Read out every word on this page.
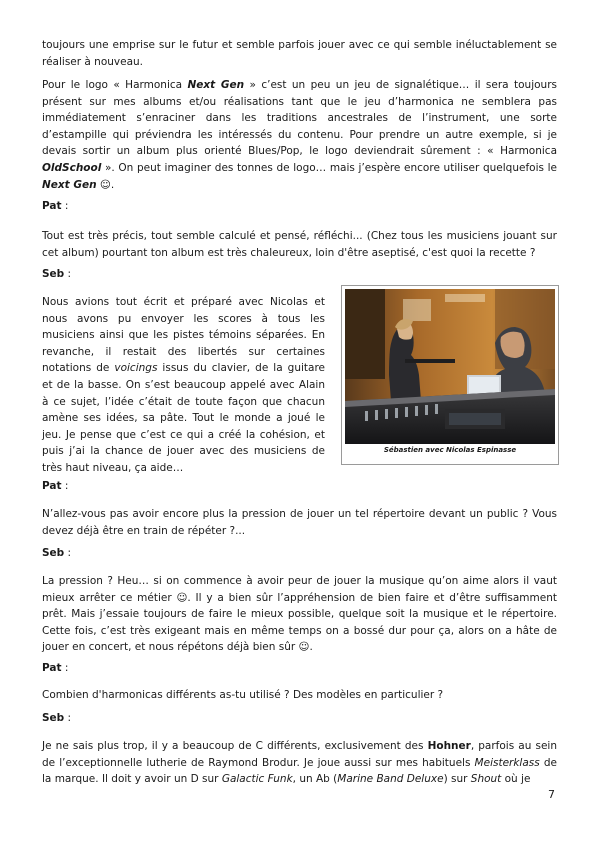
toujours une emprise sur le futur et semble parfois jouer avec ce qui semble inéluctablement se réaliser à nouveau.

Pour le logo « Harmonica Next Gen » c’est un peu un jeu de signalétique… il sera toujours présent sur mes albums et/ou réalisations tant que le jeu d’harmonica ne semblera pas immédiatement s’enraciner dans les traditions ancestrales de l’instrument, une sorte d’estampille qui préviendra les intéressés du contenu. Pour prendre un autre exemple, si je devais sortir un album plus orienté Blues/Pop, le logo deviendrait sûrement : « Harmonica OldSchool ». On peut imaginer des tonnes de logo… mais j’espère encore utiliser quelquefois le Next Gen ☺.

Pat :

Tout est très précis, tout semble calculé et pensé, réfléchi... (Chez tous les musiciens jouant sur cet album) pourtant ton album est très chaleureux, loin d'être aseptisé, c'est quoi la recette ?

Seb :

Nous avions tout écrit et préparé avec Nicolas et nous avons pu envoyer les scores à tous les musiciens ainsi que les pistes témoins séparées. En revanche, il restait des libertés sur certaines notations de voicings issus du clavier, de la guitare et de la basse. On s’est beaucoup appelé avec Alain à ce sujet, l’idée c’était de toute façon que chacun amène ses idées, sa pâte. Tout le monde a joué le jeu. Je pense que c’est ce qui a créé la cohésion, et puis j’ai la chance de jouer avec des musiciens de très haut niveau, ça aide…

Sébastien avec Nicolas Espinasse

Pat :

N’allez-vous pas avoir encore plus la pression de jouer un tel répertoire devant un public ? Vous devez déjà être en train de répéter ?...

Seb :

La pression ? Heu… si on commence à avoir peur de jouer la musique qu’on aime alors il vaut mieux arrêter ce métier ☺. Il y a bien sûr l’appréhension de bien faire et d’être suffisamment prêt. Mais j’essaie toujours de faire le mieux possible, quelque soit la musique et le répertoire. Cette fois, c’est très exigeant mais en même temps on a bossé dur pour ça, alors on a hâte de jouer en concert, et nous répétons déjà bien sûr ☺.

Pat :

Combien d'harmonicas différents as-tu utilisé ? Des modèles en particulier ?

Seb :

Je ne sais plus trop, il y a beaucoup de C différents, exclusivement des Hohner, parfois au sein de l’exceptionnelle lutherie de Raymond Brodur. Je joue aussi sur mes habituels Meisterklass de la marque. Il doit y avoir un D sur Galactic Funk, un Ab (Marine Band Deluxe) sur Shout où je

7
